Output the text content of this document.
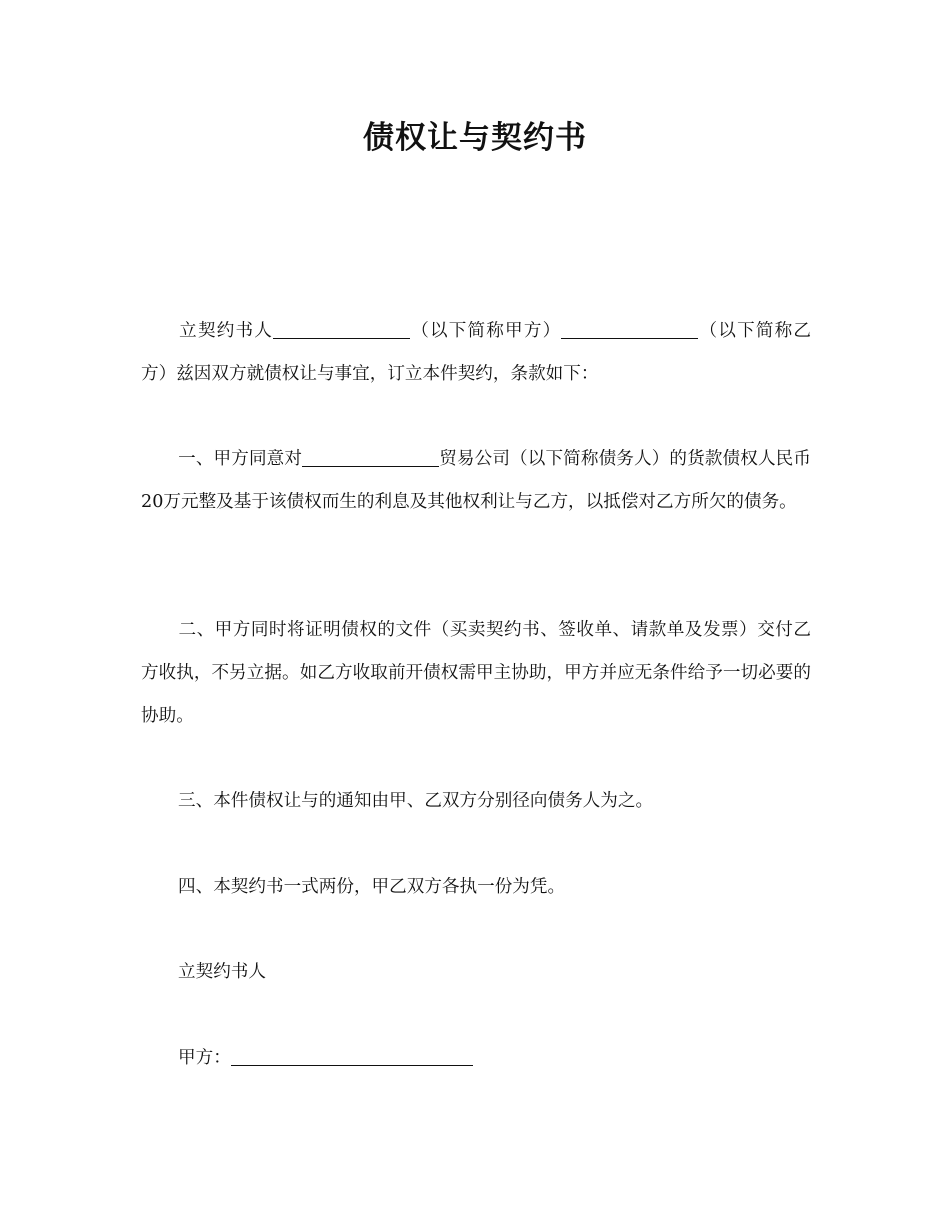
债权让与契约书

立契约书人	（以下简称甲方）	（以下简称乙方）兹因双方就债权让与事宜，订立本件契约，条款如下：

一、甲方同意对	贸易公司（以下简称债务人）的货款债权人民币20万元整及基于该债权而生的利息及其他权利让与乙方，以抵偿对乙方所欠的债务。

二、甲方同时将证明债权的文件（买卖契约书、签收单、请款单及发票）交付乙方收执，不另立据。如乙方收取前开债权需甲主协助，甲方并应无条件给予一切必要的协助。

三、本件债权让与的通知由甲、乙双方分别径向债务人为之。

四、本契约书一式两份，甲乙双方各执一份为凭。

立契约书人

甲方：
